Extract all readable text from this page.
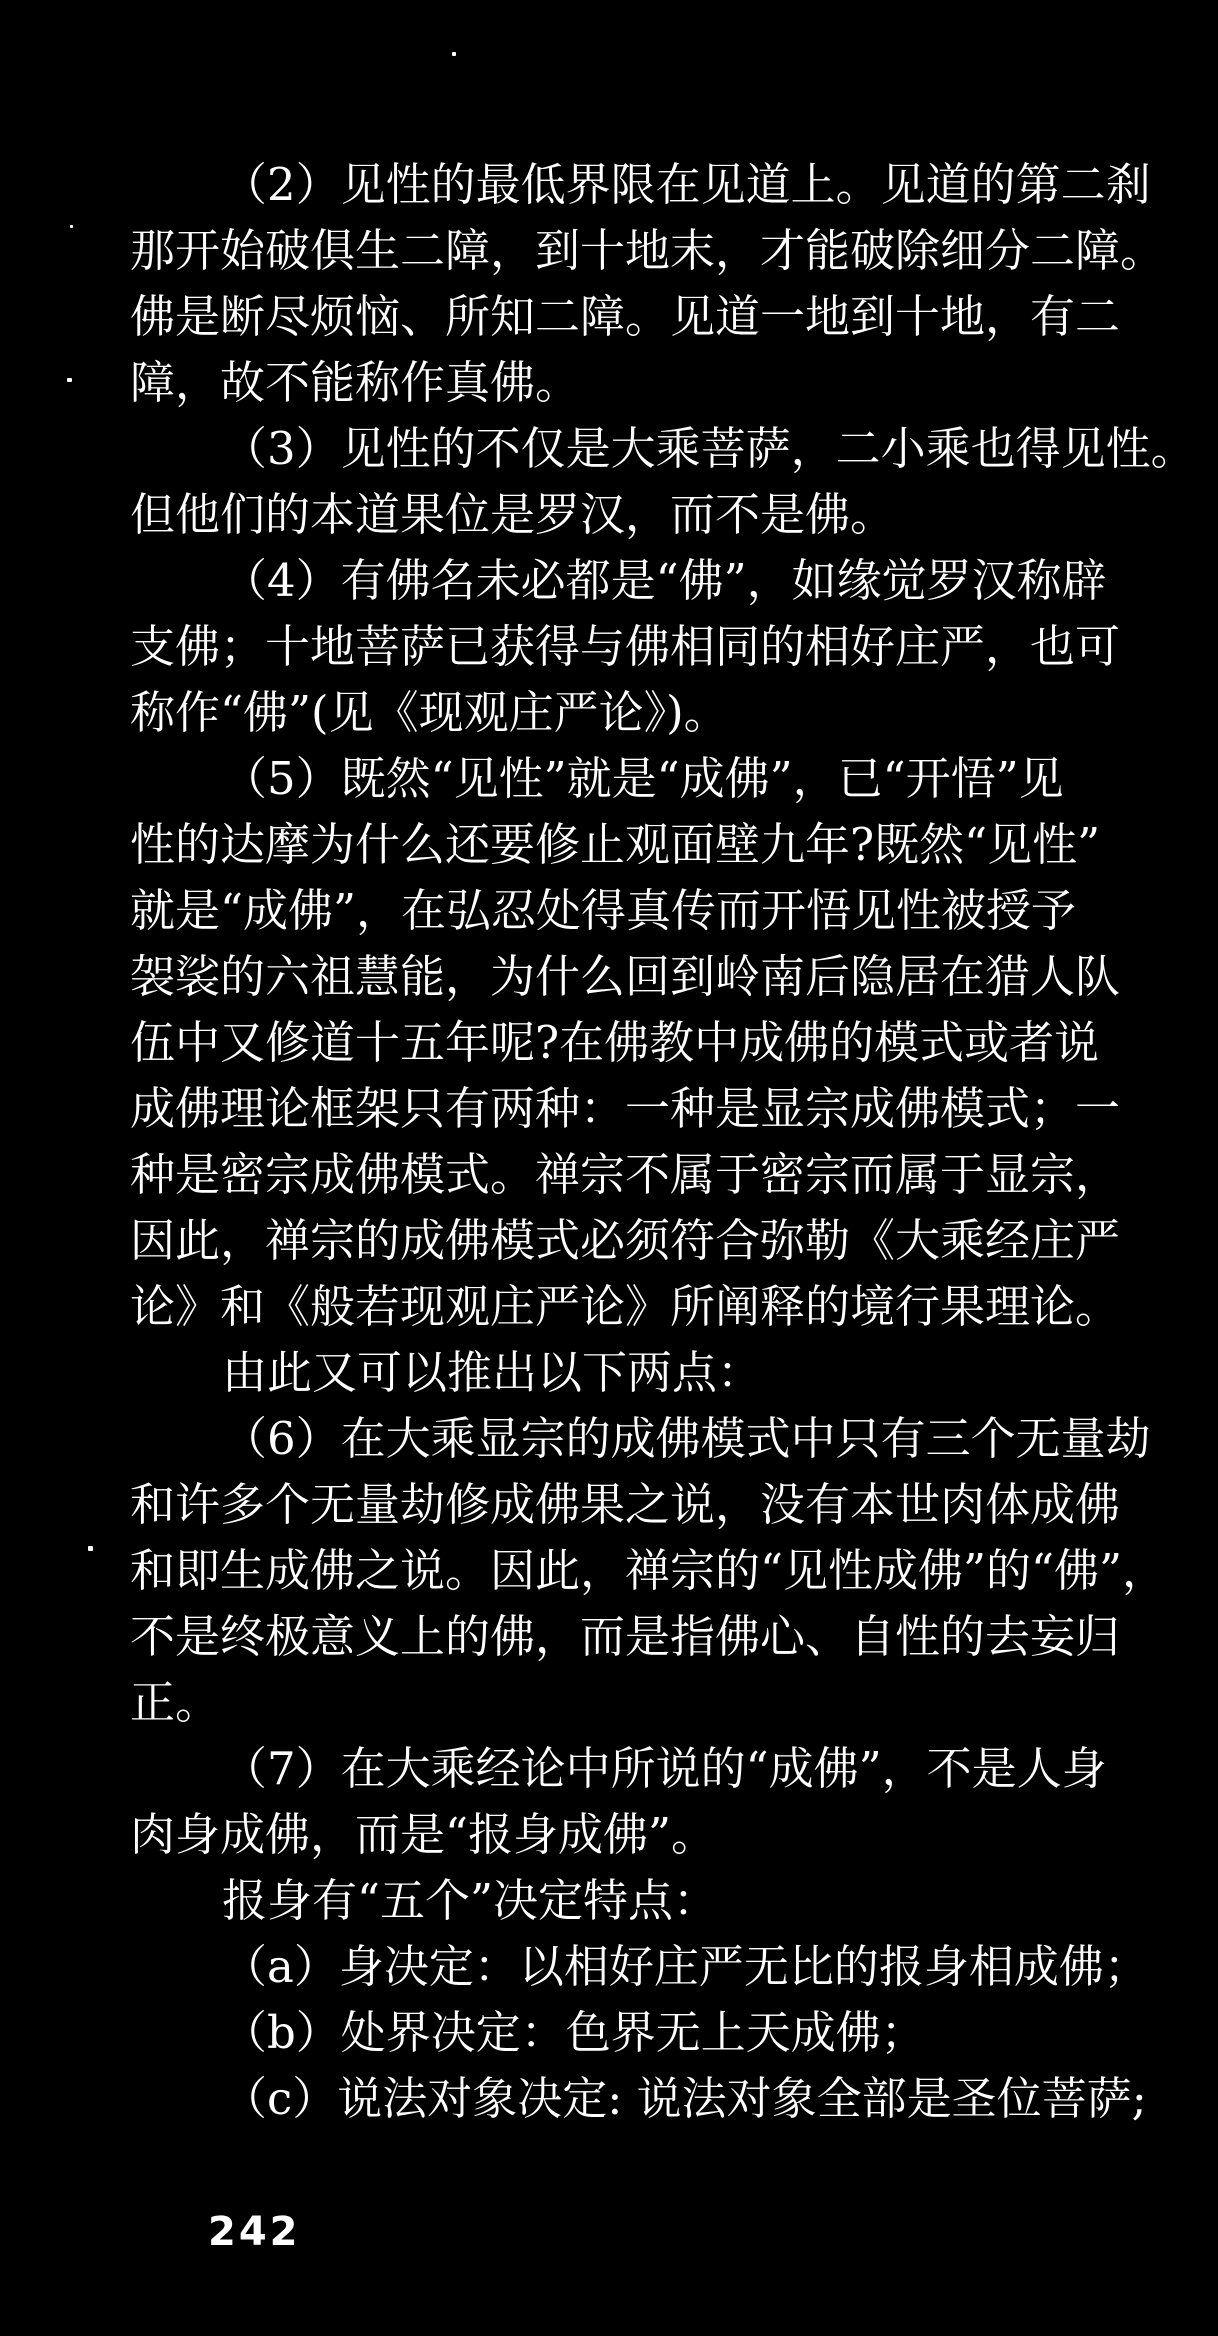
（2）见性的最低界限在见道上。见道的第二刹
那开始破俱生二障，到十地末，才能破除细分二障。
佛是断尽烦恼、所知二障。见道一地到十地，有二
障，故不能称作真佛。
（3）见性的不仅是大乘菩萨，二小乘也得见性。
但他们的本道果位是罗汉，而不是佛。
（4）有佛名未必都是“佛”，如缘觉罗汉称辟
支佛；十地菩萨已获得与佛相同的相好庄严，也可
称作“佛”(见《现观庄严论》)。
（5）既然“见性”就是“成佛”，已“开悟”见
性的达摩为什么还要修止观面壁九年?既然“见性”
就是“成佛”，在弘忍处得真传而开悟见性被授予
袈裟的六祖慧能，为什么回到岭南后隐居在猎人队
伍中又修道十五年呢?在佛教中成佛的模式或者说
成佛理论框架只有两种：一种是显宗成佛模式；一
种是密宗成佛模式。禅宗不属于密宗而属于显宗，
因此，禅宗的成佛模式必须符合弥勒《大乘经庄严
论》和《般若现观庄严论》所阐释的境行果理论。
由此又可以推出以下两点：
（6）在大乘显宗的成佛模式中只有三个无量劫
和许多个无量劫修成佛果之说，没有本世肉体成佛
和即生成佛之说。因此，禅宗的“见性成佛”的“佛”，
不是终极意义上的佛，而是指佛心、自性的去妄归
正。
（7）在大乘经论中所说的“成佛”，不是人身
肉身成佛，而是“报身成佛”。
报身有“五个”决定特点：
（a）身决定：以相好庄严无比的报身相成佛；
（b）处界决定：色界无上天成佛；
（c）说法对象决定: 说法对象全部是圣位菩萨;
242
